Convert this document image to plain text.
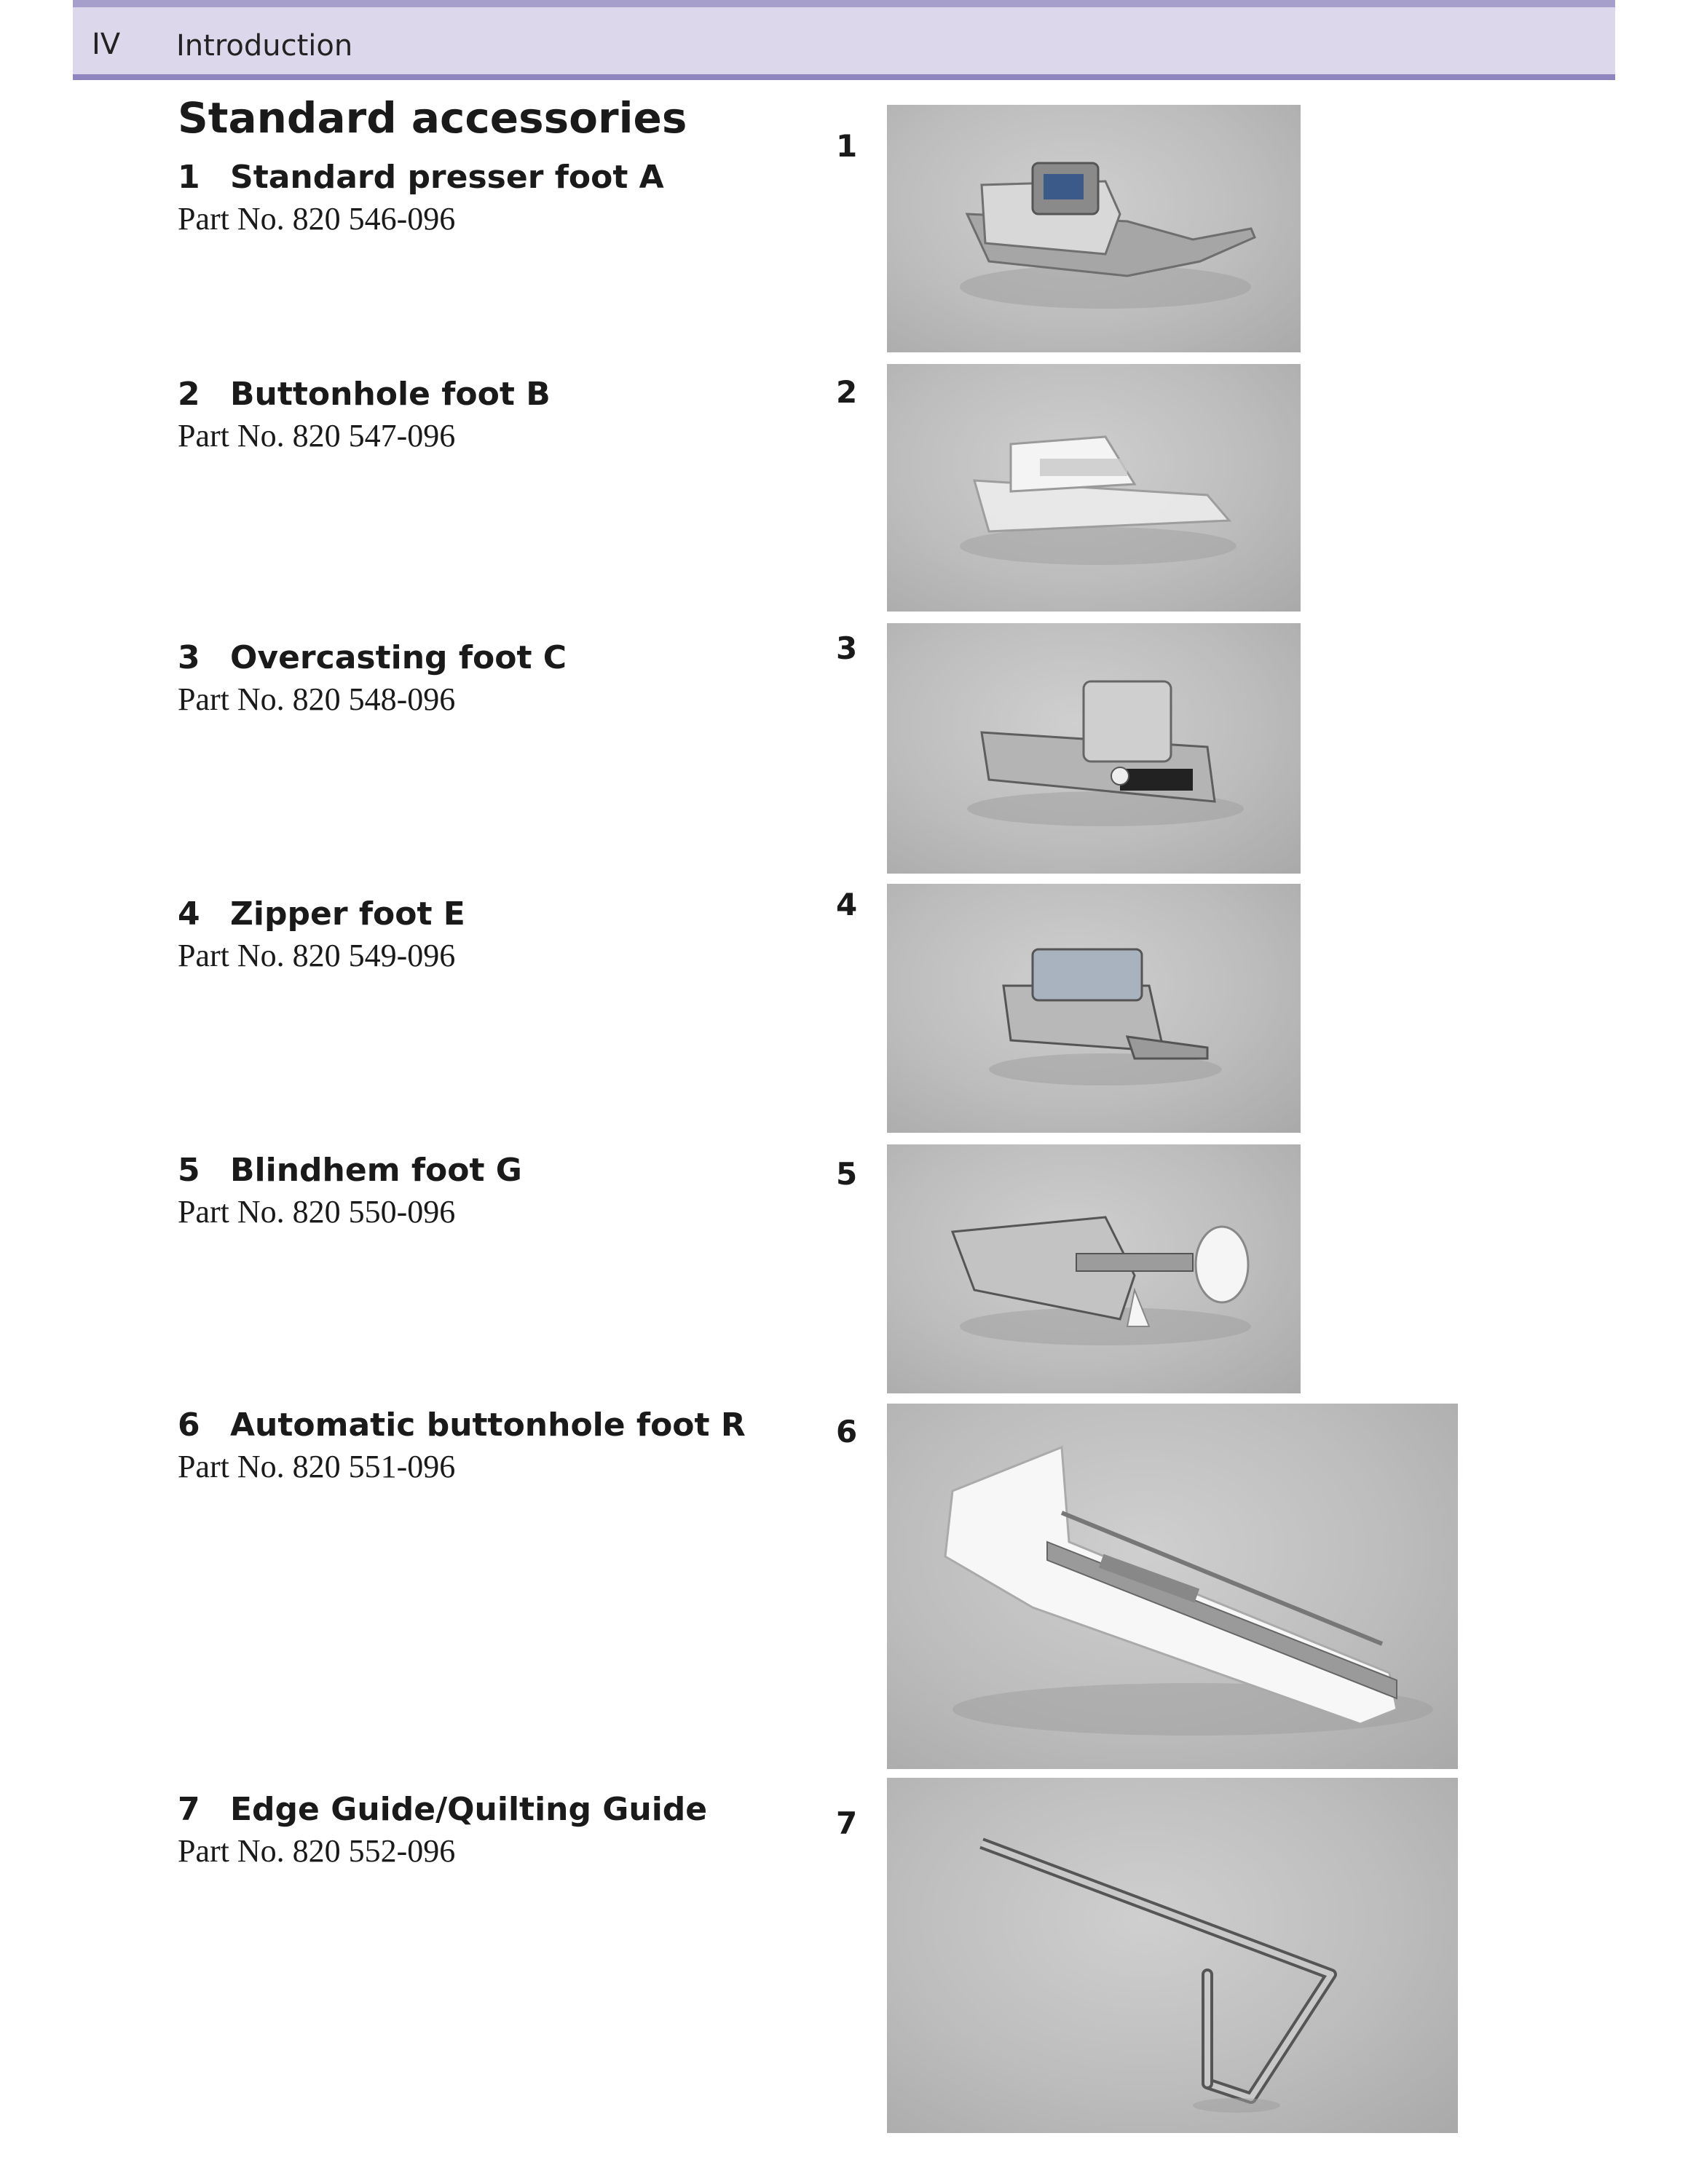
IV Introduction
Standard accessories
1 Standard presser foot A
Part No. 820 546-096
1
2 Buttonhole foot B
Part No. 820 547-096
2
3 Overcasting foot C
Part No. 820 548-096
3
4 Zipper foot E
Part No. 820 549-096
4
5 Blindhem foot G
Part No. 820 550-096
5
6 Automatic buttonhole foot R
Part No. 820 551-096
6
7 Edge Guide/Quilting Guide
Part No. 820 552-096
7
